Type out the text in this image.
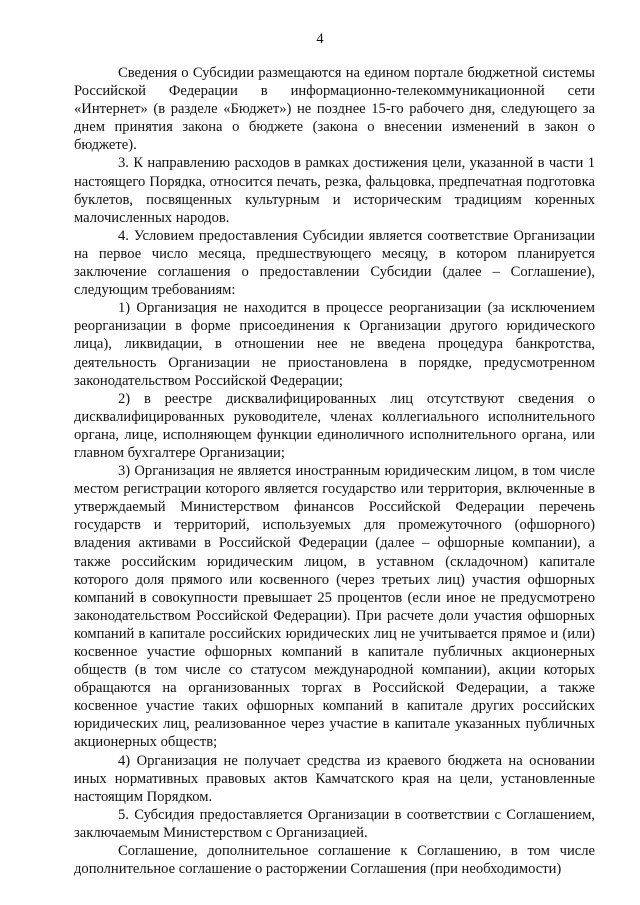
4

Сведения о Субсидии размещаются на едином портале бюджетной системы Российской Федерации в информационно-телекоммуникационной сети «Интернет» (в разделе «Бюджет») не позднее 15-го рабочего дня, следующего за днем принятия закона о бюджете (закона о внесении изменений в закон о бюджете).

3. К направлению расходов в рамках достижения цели, указанной в части 1 настоящего Порядка, относится печать, резка, фальцовка, предпечатная подготовка буклетов, посвященных культурным и историческим традициям коренных малочисленных народов.

4. Условием предоставления Субсидии является соответствие Организации на первое число месяца, предшествующего месяцу, в котором планируется заключение соглашения о предоставлении Субсидии (далее – Соглашение), следующим требованиям:

1) Организация не находится в процессе реорганизации (за исключением реорганизации в форме присоединения к Организации другого юридического лица), ликвидации, в отношении нее не введена процедура банкротства, деятельность Организации не приостановлена в порядке, предусмотренном законодательством Российской Федерации;

2) в реестре дисквалифицированных лиц отсутствуют сведения о дисквалифицированных руководителе, членах коллегиального исполнительного органа, лице, исполняющем функции единоличного исполнительного органа, или главном бухгалтере Организации;

3) Организация не является иностранным юридическим лицом, в том числе местом регистрации которого является государство или территория, включенные в утверждаемый Министерством финансов Российской Федерации перечень государств и территорий, используемых для промежуточного (офшорного) владения активами в Российской Федерации (далее – офшорные компании), а также российским юридическим лицом, в уставном (складочном) капитале которого доля прямого или косвенного (через третьих лиц) участия офшорных компаний в совокупности превышает 25 процентов (если иное не предусмотрено законодательством Российской Федерации). При расчете доли участия офшорных компаний в капитале российских юридических лиц не учитывается прямое и (или) косвенное участие офшорных компаний в капитале публичных акционерных обществ (в том числе со статусом международной компании), акции которых обращаются на организованных торгах в Российской Федерации, а также косвенное участие таких офшорных компаний в капитале других российских юридических лиц, реализованное через участие в капитале указанных публичных акционерных обществ;

4) Организация не получает средства из краевого бюджета на основании иных нормативных правовых актов Камчатского края на цели, установленные настоящим Порядком.

5. Субсидия предоставляется Организации в соответствии с Соглашением, заключаемым Министерством с Организацией.

Соглашение, дополнительное соглашение к Соглашению, в том числе дополнительное соглашение о расторжении Соглашения (при необходимости)
